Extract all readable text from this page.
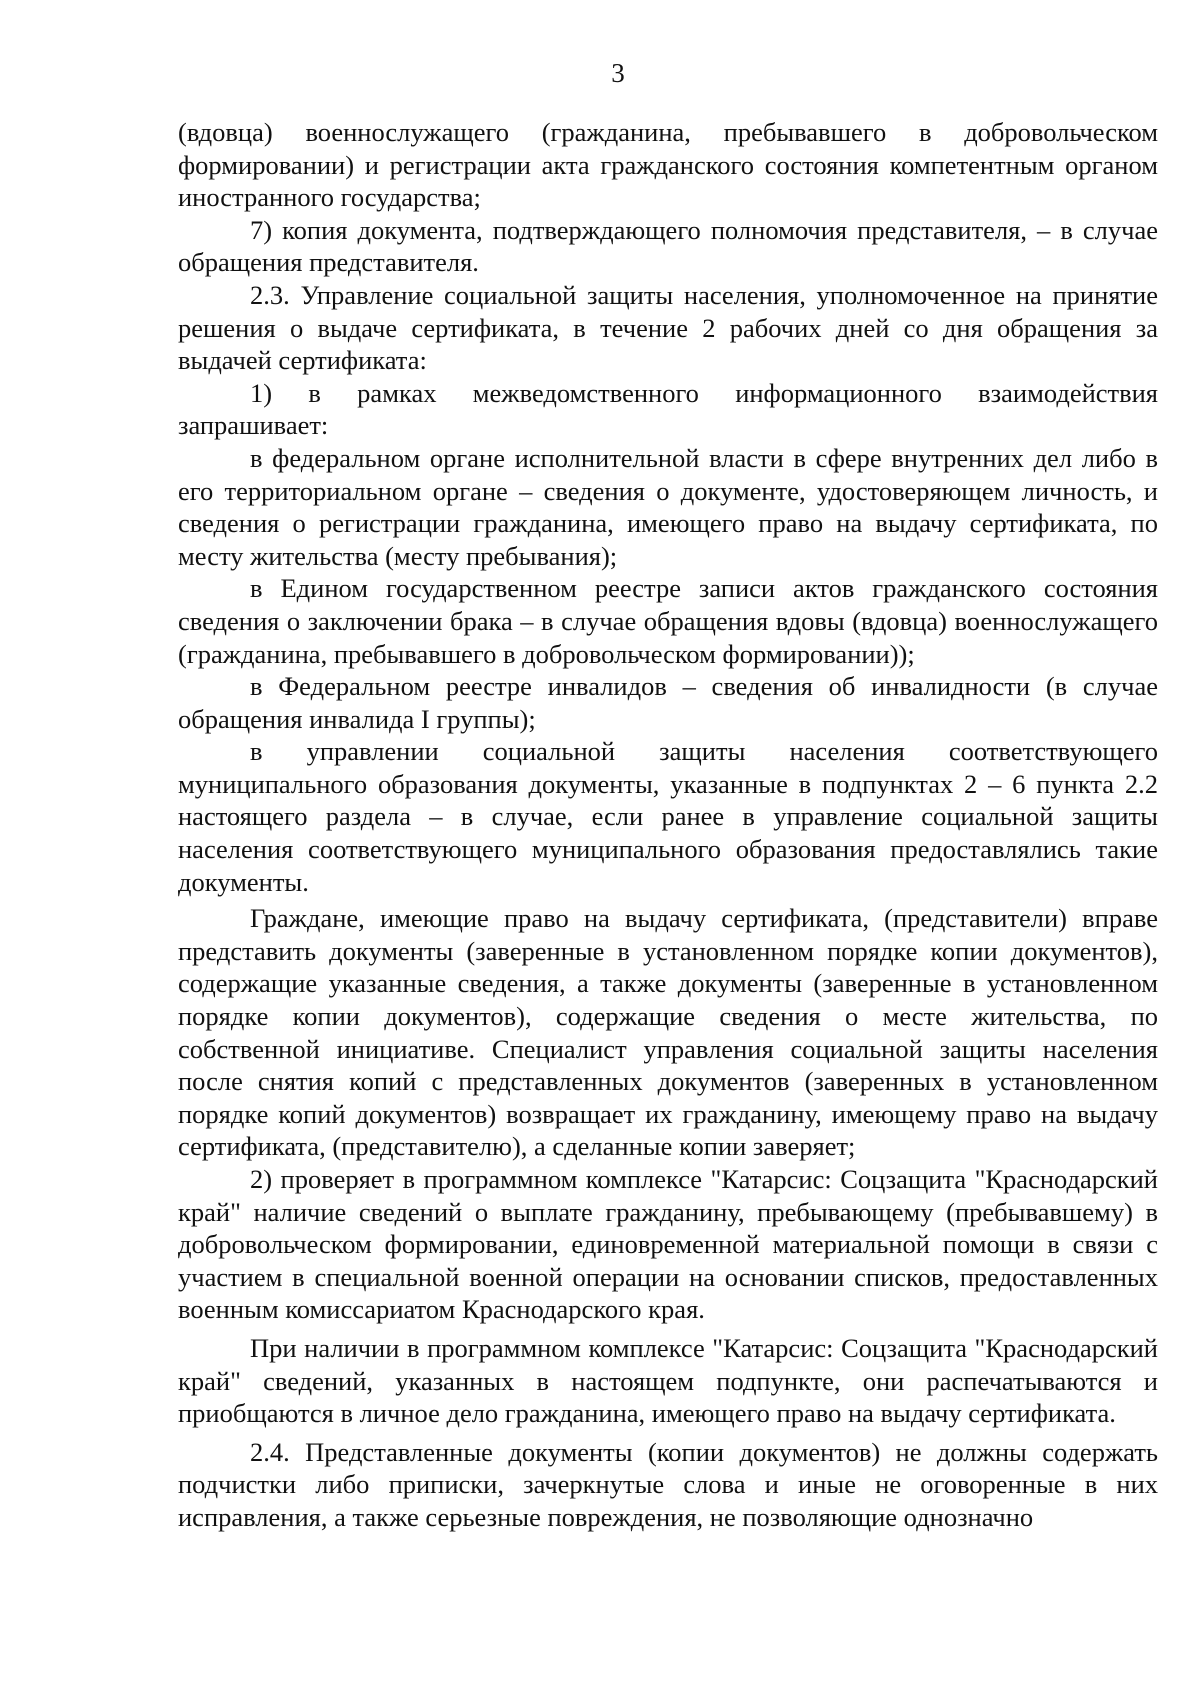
3

(вдовца) военнослужащего (гражданина, пребывавшего в добровольческом формировании) и регистрации акта гражданского состояния компетентным органом иностранного государства;

7) копия документа, подтверждающего полномочия представителя, – в случае обращения представителя.

2.3. Управление социальной защиты населения, уполномоченное на принятие решения о выдаче сертификата, в течение 2 рабочих дней со дня обращения за выдачей сертификата:

1) в рамках межведомственного информационного взаимодействия запрашивает:

в федеральном органе исполнительной власти в сфере внутренних дел либо в его территориальном органе – сведения о документе, удостоверяющем личность, и сведения о регистрации гражданина, имеющего право на выдачу сертификата, по месту жительства (месту пребывания);

в Едином государственном реестре записи актов гражданского состояния сведения о заключении брака – в случае обращения вдовы (вдовца) военнослужащего (гражданина, пребывавшего в добровольческом формировании));

в Федеральном реестре инвалидов – сведения об инвалидности (в случае обращения инвалида I группы);

в управлении социальной защиты населения соответствующего муниципального образования документы, указанные в подпунктах 2 – 6 пункта 2.2 настоящего раздела – в случае, если ранее в управление социальной защиты населения соответствующего муниципального образования предоставлялись такие документы.

Граждане, имеющие право на выдачу сертификата, (представители) вправе представить документы (заверенные в установленном порядке копии документов), содержащие указанные сведения, а также документы (заверенные в установленном порядке копии документов), содержащие сведения о месте жительства, по собственной инициативе. Специалист управления социальной защиты населения после снятия копий с представленных документов (заверенных в установленном порядке копий документов) возвращает их гражданину, имеющему право на выдачу сертификата, (представителю), а сделанные копии заверяет;

2) проверяет в программном комплексе "Катарсис: Соцзащита "Краснодарский край" наличие сведений о выплате гражданину, пребывающему (пребывавшему) в добровольческом формировании, единовременной материальной помощи в связи с участием в специальной военной операции на основании списков, предоставленных военным комиссариатом Краснодарского края.

При наличии в программном комплексе "Катарсис: Соцзащита "Краснодарский край" сведений, указанных в настоящем подпункте, они распечатываются и приобщаются в личное дело гражданина, имеющего право на выдачу сертификата.

2.4. Представленные документы (копии документов) не должны содержать подчистки либо приписки, зачеркнутые слова и иные не оговоренные в них исправления, а также серьезные повреждения, не позволяющие однозначно
